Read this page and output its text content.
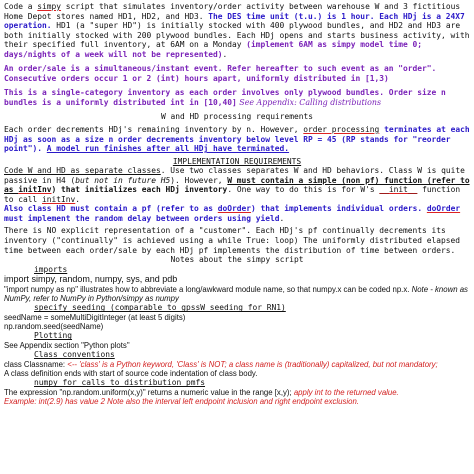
Code a simpy script that simulates inventory/order activity between warehouse W and 3 fictitious Home Depot stores named HD1, HD2, and HD3. The DES time unit (t.u.) is 1 hour. Each HDj is a 24X7 operation. HD1 (a "super HD") is initially stocked with 400 plywood bundles, and HD2 and HD3 are both initially stocked with 200 plywood bundles. Each HDj opens and starts business activity, with their specified full inventory, at 6AM on a Monday (implement 6AM as simpy model time 0; days/nights of a week will not be represented).

An order/sale is a simultaneous/instant event. Refer hereafter to such event as an "order". Consecutive orders occur 1 or 2 (int) hours apart, uniformly distributed in [1,3)

This is a single-category inventory as each order involves only plywood bundles. Order size n bundles is a uniformly distributed int in [10,40] See Appendix: Calling distributions

W and HD processing requirements

Each order decrements HDj's remaining inventory by n. However, order processing terminates at each HDj as soon as a size n order decrements inventory below level RP = 45 (RP stands for "reorder point"). A model run finishes after all HDj have terminated.

IMPLEMENTATION REQUIREMENTS

Code W and HD as separate classes. Use two classes separates W and HD behaviors. Class W is quite passive in H4 (but not in future H5). However, W must contain a simple (non pf) function (refer to as initInv) that initializes each HDj inventory. One way to do this is for W's __init__ function to call initInv.
Also class HD must contain a pf (refer to as doOrder) that implements individual orders. doOrder must implement the random delay between orders using yield.

There is NO explicit representation of a "customer". Each HDj's pf continually decrements its inventory ("continually" is achieved using a while True: loop) The uniformly distributed elapsed time between each order/sale by each HDj pf implements the distribution of time between orders.

Notes about the simpy script

imports

import simpy, random, numpy, sys, and pdb

"import numpy as np" illustrates how to abbreviate a long/awkward module name, so that numpy.x can be coded np.x. Note - known as NumPy, refer to NumPy in Python/simpy as numpy

specify seeding (comparable to gpssW seeding for RN1)

seedName = someMultiDigitInteger (at least 5 digits)

np.random.seed(seedName)

Plotting

See Appendix section "Python plots"

Class conventions

class Classname: <-- 'class' is a Python keyword, 'Class' is NOT; a class name is (traditionally) capitalized, but not mandatory;

A class definition ends with start of source code indentation of class body.

numpy for calls to distribution pmfs

The expression "np.random.uniform(x,y)" returns a numeric value in the range [x,y); apply int to the returned value.

Example: int(2.9) has value 2 Note also the interval left endpoint inclusion and right endpoint exclusion.
